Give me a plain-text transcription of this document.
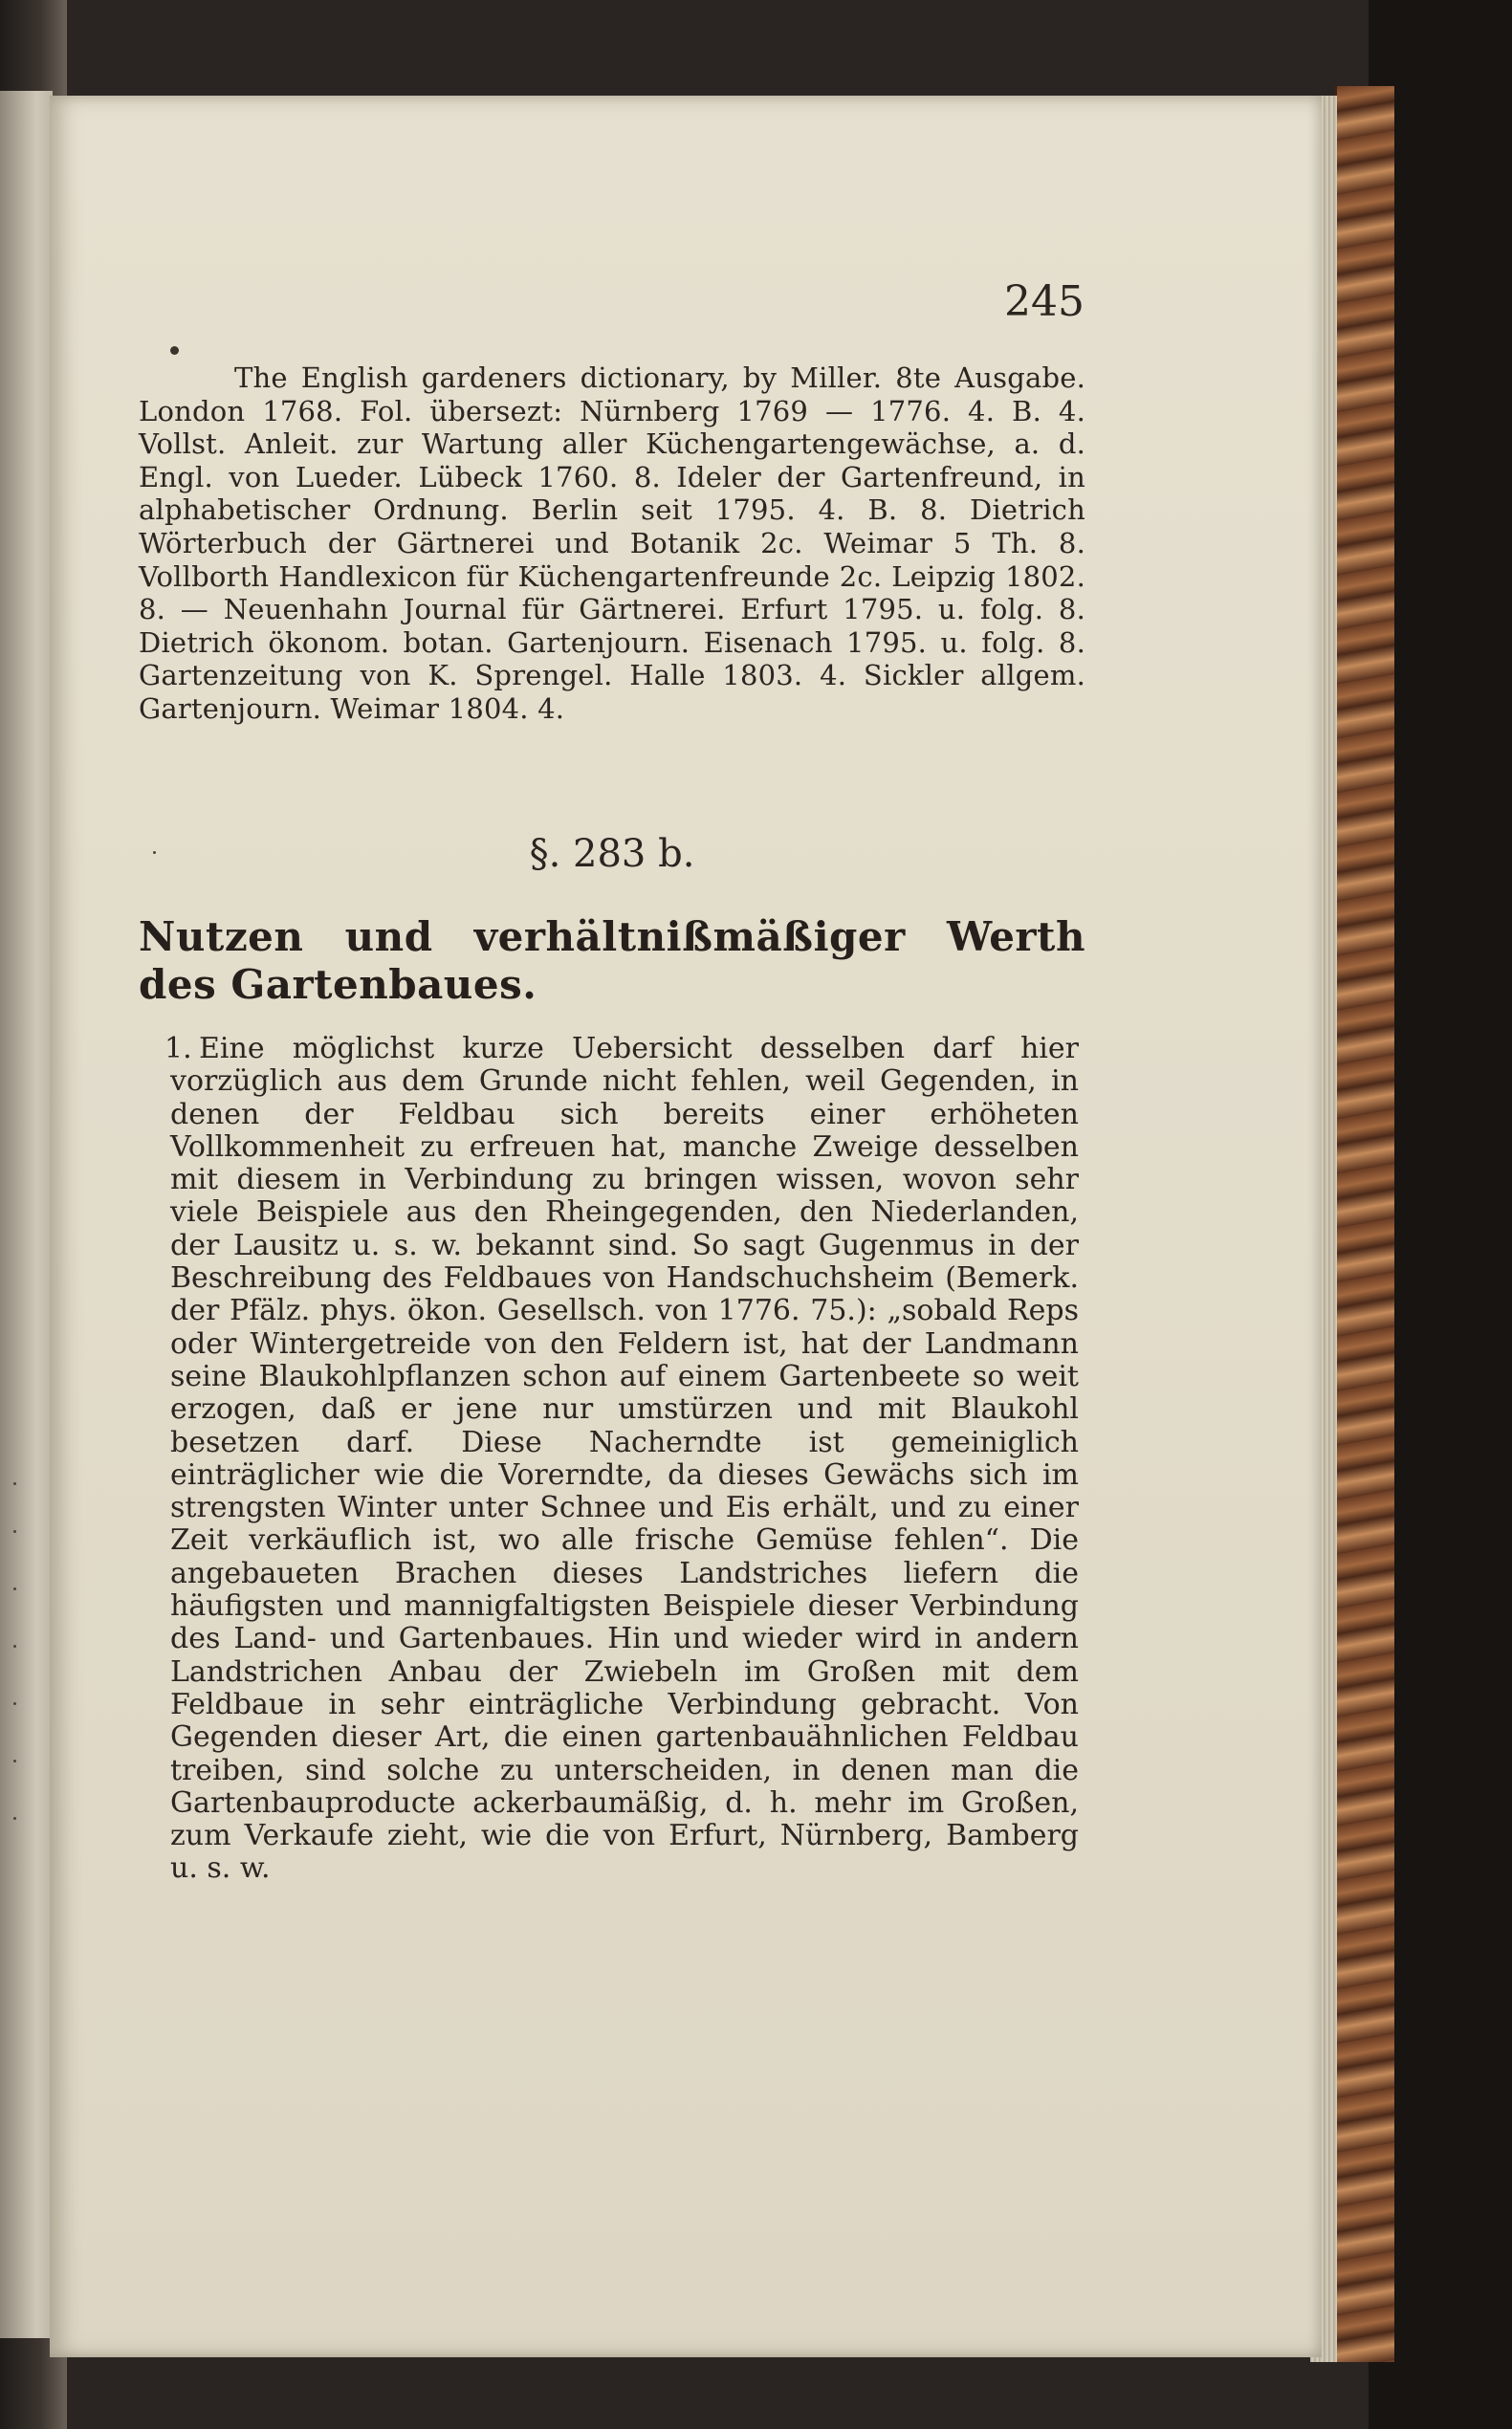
245
The English gardeners dictionary, by Miller. 8te Ausgabe. London 1768. Fol. übersezt: Nürnberg 1769 — 1776. 4. B. 4. Vollst. Anleit. zur Wartung aller Küchengartengewächse, a. d. Engl. von Lueder. Lübeck 1760. 8. Ideler der Gartenfreund, in alphabetischer Ordnung. Berlin seit 1795. 4. B. 8. Dietrich Wörterbuch der Gärtnerei und Botanik 2c. Weimar 5 Th. 8. Vollborth Handlexicon für Küchengartenfreunde 2c. Leipzig 1802. 8. — Neuenhahn Journal für Gärtnerei. Erfurt 1795. u. folg. 8. Dietrich ökonom. botan. Gartenjourn. Eisenach 1795. u. folg. 8. Gartenzeitung von K. Sprengel. Halle 1803. 4. Sickler allgem. Gartenjourn. Weimar 1804. 4.
§. 283 b.
Nutzen und verhältnißmäßiger Werth des Gartenbaues.
1. Eine möglichst kurze Uebersicht desselben darf hier vorzüglich aus dem Grunde nicht fehlen, weil Gegenden, in denen der Feldbau sich bereits einer erhöheten Vollkommenheit zu erfreuen hat, manche Zweige desselben mit diesem in Verbindung zu bringen wissen, wovon sehr viele Beispiele aus den Rheingegenden, den Niederlanden, der Lausitz u. s. w. bekannt sind. So sagt Gugenmus in der Beschreibung des Feldbaues von Handschuchsheim (Bemerk. der Pfälz. phys. ökon. Gesellsch. von 1776. 75.): „sobald Reps oder Wintergetreide von den Feldern ist, hat der Landmann seine Blaukohlpflanzen schon auf einem Gartenbeete so weit erzogen, daß er jene nur umstürzen und mit Blaukohl besetzen darf. Diese Nacherndte ist gemeiniglich einträglicher wie die Vorerndte, da dieses Gewächs sich im strengsten Winter unter Schnee und Eis erhält, und zu einer Zeit verkäuflich ist, wo alle frische Gemüse fehlen“. Die angebaueten Brachen dieses Landstriches liefern die häufigsten und mannigfaltigsten Beispiele dieser Verbindung des Land- und Gartenbaues. Hin und wieder wird in andern Landstrichen Anbau der Zwiebeln im Großen mit dem Feldbaue in sehr einträgliche Verbindung gebracht. Von Gegenden dieser Art, die einen gartenbauähnlichen Feldbau treiben, sind solche zu unterscheiden, in denen man die Gartenbauproducte ackerbaumäßig, d. h. mehr im Großen, zum Verkaufe zieht, wie die von Erfurt, Nürnberg, Bamberg u. s. w.
